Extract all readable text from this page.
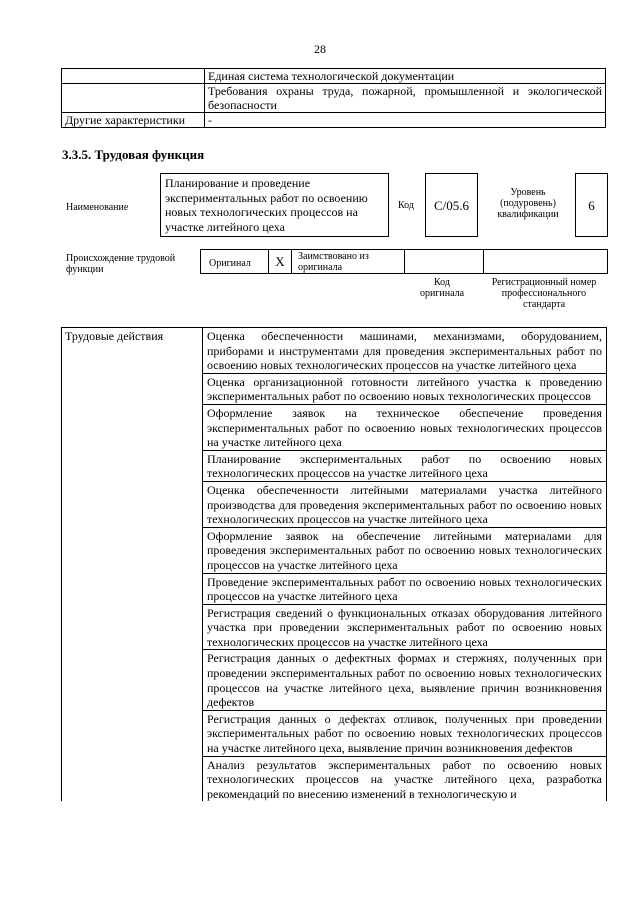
28
	Единая система технологической документации
	Требования охраны труда, пожарной, промышленной и экологической безопасности
Другие характеристики	-
3.3.5. Трудовая функция
Наименование
Планирование и проведение экспериментальных работ по освоению новых технологических процессов на участке литейного цеха
Код	C/05.6
Уровень (подуровень) квалификации
6
Происхождение трудовой функции
Оригинал	X	Заимствовано из оригинала
Код оригинала
Регистрационный номер профессионального стандарта
Трудовые действия	Оценка обеспеченности машинами, механизмами, оборудованием, приборами и инструментами для проведения экспериментальных работ по освоению новых технологических процессов на участке литейного цеха
Оценка организационной готовности литейного участка к проведению экспериментальных работ по освоению новых технологических процессов
Оформление заявок на техническое обеспечение проведения экспериментальных работ по освоению новых технологических процессов на участке литейного цеха
Планирование экспериментальных работ по освоению новых технологических процессов на участке литейного цеха
Оценка обеспеченности литейными материалами участка литейного производства для проведения экспериментальных работ по освоению новых технологических процессов на участке литейного цеха
Оформление заявок на обеспечение литейными материалами для проведения экспериментальных работ по освоению новых технологических процессов на участке литейного цеха
Проведение экспериментальных работ по освоению новых технологических процессов на участке литейного цеха
Регистрация сведений о функциональных отказах оборудования литейного участка при проведении экспериментальных работ по освоению новых технологических процессов на участке литейного цеха
Регистрация данных о дефектных формах и стержнях, полученных при проведении экспериментальных работ по освоению новых технологических процессов на участке литейного цеха, выявление причин возникновения дефектов
Регистрация данных о дефектах отливок, полученных при проведении экспериментальных работ по освоению новых технологических процессов на участке литейного цеха, выявление причин возникновения дефектов
Анализ результатов экспериментальных работ по освоению новых технологических процессов на участке литейного цеха, разработка рекомендаций по внесению изменений в технологическую и
